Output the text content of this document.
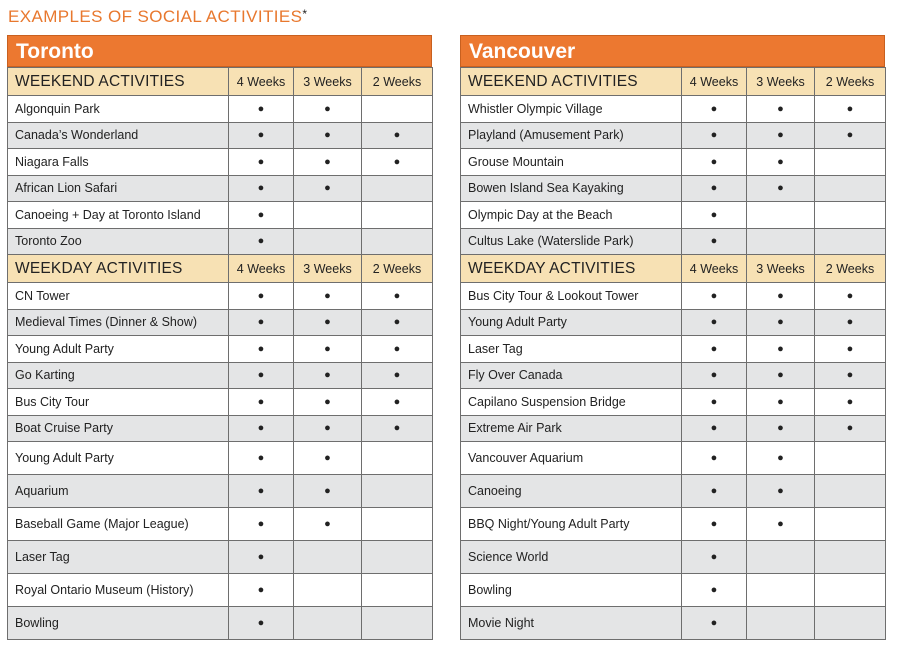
EXAMPLES OF SOCIAL ACTIVITIES*
Toronto
WEEKEND ACTIVITIES	4 Weeks	3 Weeks	2 Weeks
Algonquin Park	●	●	
Canada’s Wonderland	●	●	●
Niagara Falls	●	●	●
African Lion Safari	●	●	
Canoeing + Day at Toronto Island	●		
Toronto Zoo	●		
WEEKDAY ACTIVITIES	4 Weeks	3 Weeks	2 Weeks
CN Tower	●	●	●
Medieval Times (Dinner & Show)	●	●	●
Young Adult Party	●	●	●
Go Karting	●	●	●
Bus City Tour	●	●	●
Boat Cruise Party	●	●	●
Young Adult Party	●	●	
Aquarium	●	●	
Baseball Game (Major League)	●	●	
Laser Tag	●		
Royal Ontario Museum (History)	●		
Bowling	●		
Vancouver
WEEKEND ACTIVITIES	4 Weeks	3 Weeks	2 Weeks
Whistler Olympic Village	●	●	●
Playland (Amusement Park)	●	●	●
Grouse Mountain	●	●	
Bowen Island Sea Kayaking	●	●	
Olympic Day at the Beach	●		
Cultus Lake (Waterslide Park)	●		
WEEKDAY ACTIVITIES	4 Weeks	3 Weeks	2 Weeks
Bus City Tour & Lookout Tower	●	●	●
Young Adult Party	●	●	●
Laser Tag	●	●	●
Fly Over Canada	●	●	●
Capilano Suspension Bridge	●	●	●
Extreme Air Park	●	●	●
Vancouver Aquarium	●	●	
Canoeing	●	●	
BBQ Night/Young Adult Party	●	●	
Science World	●		
Bowling	●		
Movie Night	●		
